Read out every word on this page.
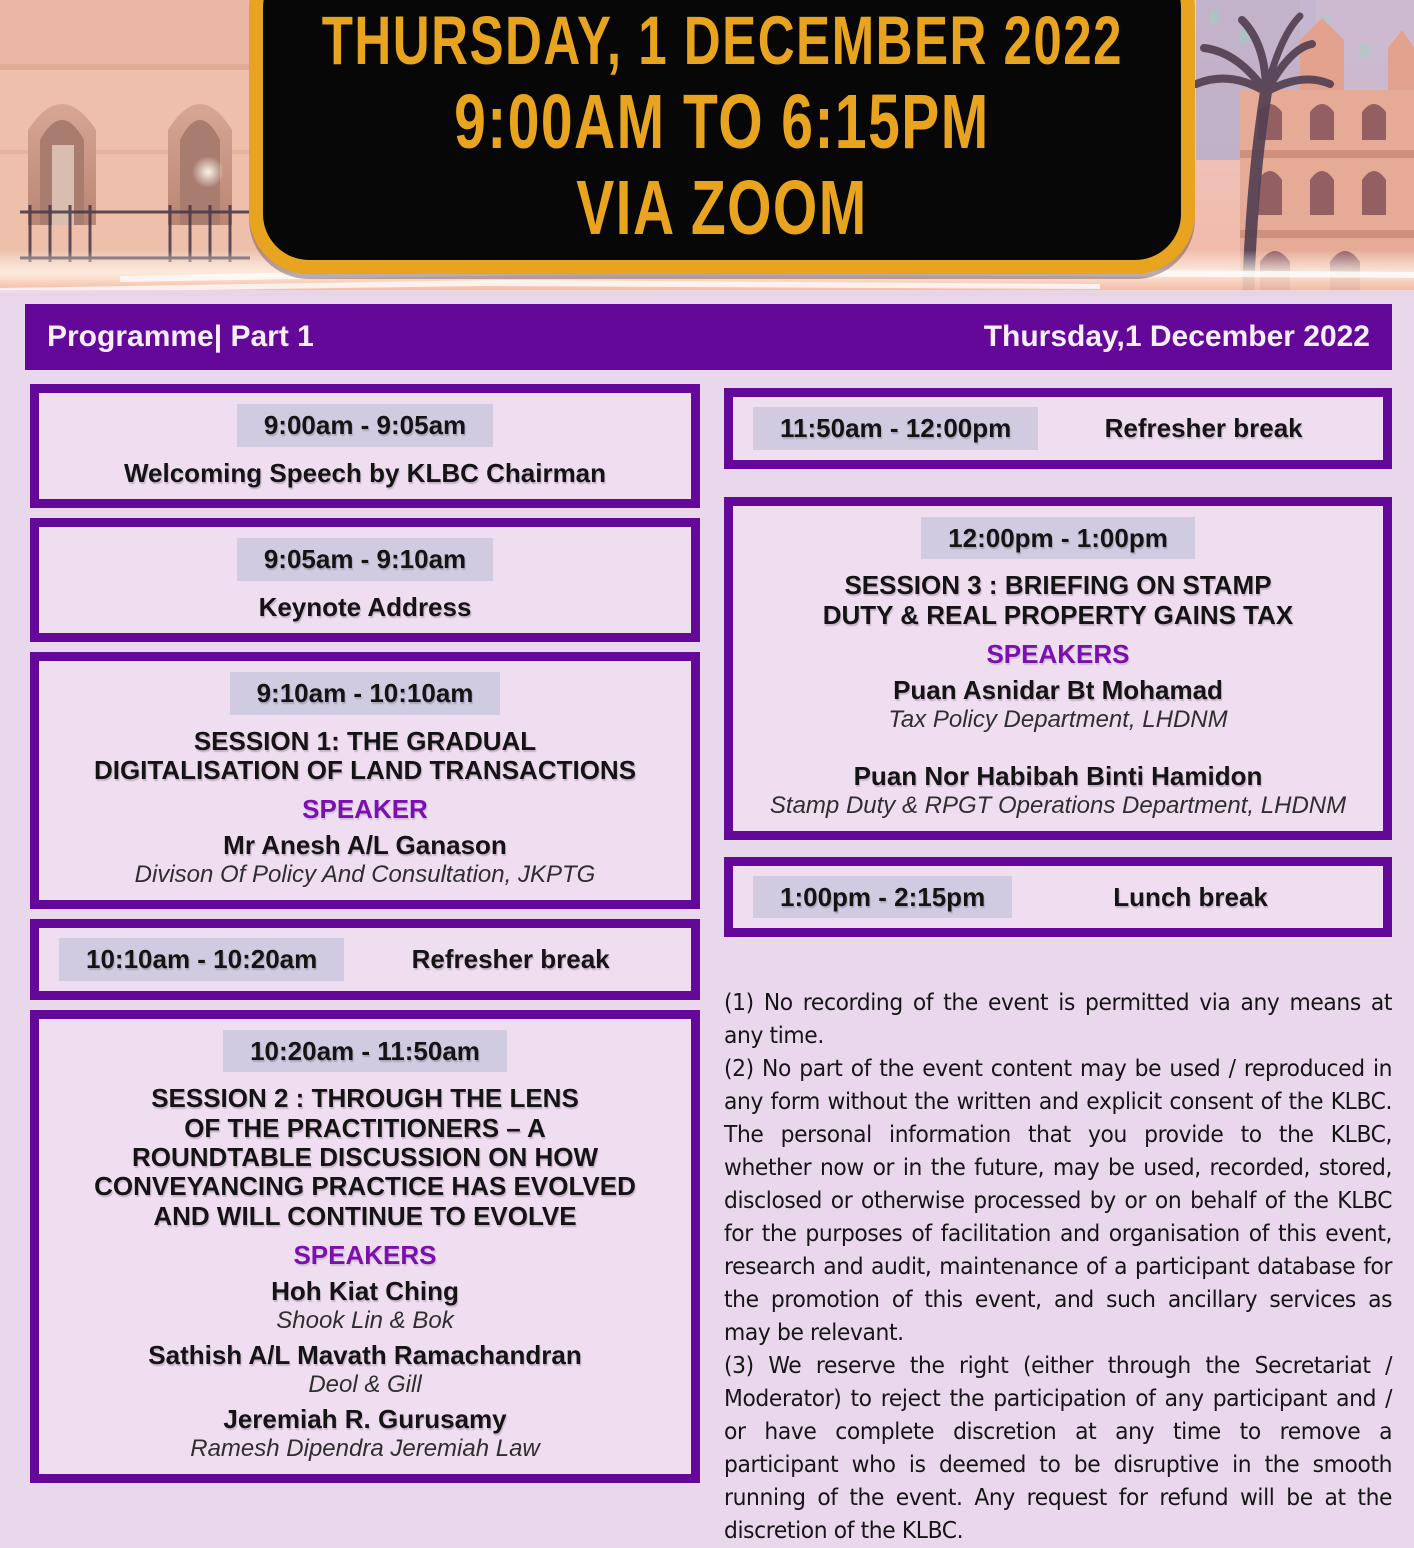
THURSDAY, 1 DECEMBER 2022
9:00AM TO 6:15PM
VIA ZOOM
Programme| Part 1	Thursday,1 December 2022
9:00am - 9:05am
Welcoming Speech by KLBC Chairman
9:05am - 9:10am
Keynote Address
9:10am - 10:10am
SESSION 1: THE GRADUAL DIGITALISATION OF LAND TRANSACTIONS
SPEAKER
Mr Anesh A/L Ganason
Divison Of Policy And Consultation, JKPTG
10:10am - 10:20am	Refresher break
10:20am - 11:50am
SESSION 2 : THROUGH THE LENS OF THE PRACTITIONERS – A ROUNDTABLE DISCUSSION ON HOW CONVEYANCING PRACTICE HAS EVOLVED AND WILL CONTINUE TO EVOLVE
SPEAKERS
Hoh Kiat Ching
Shook Lin & Bok
Sathish A/L Mavath Ramachandran
Deol & Gill
Jeremiah R. Gurusamy
Ramesh Dipendra Jeremiah Law
11:50am - 12:00pm	Refresher break
12:00pm - 1:00pm
SESSION 3 : BRIEFING ON STAMP DUTY & REAL PROPERTY GAINS TAX
SPEAKERS
Puan Asnidar Bt Mohamad
Tax Policy Department, LHDNM
Puan Nor Habibah Binti Hamidon
Stamp Duty & RPGT Operations Department, LHDNM
1:00pm - 2:15pm	Lunch break

(1) No recording of the event is permitted via any means at any time.

(2) No part of the event content may be used / reproduced in any form without the written and explicit consent of the KLBC. The personal information that you provide to the KLBC, whether now or in the future, may be used, recorded, stored, disclosed or otherwise processed by or on behalf of the KLBC for the purposes of facilitation and organisation of this event, research and audit, maintenance of a participant database for the promotion of this event, and such ancillary services as may be relevant.

(3) We reserve the right (either through the Secretariat / Moderator) to reject the participation of any participant and / or have complete discretion at any time to remove a participant who is deemed to be disruptive in the smooth running of the event. Any request for refund will be at the discretion of the KLBC.
